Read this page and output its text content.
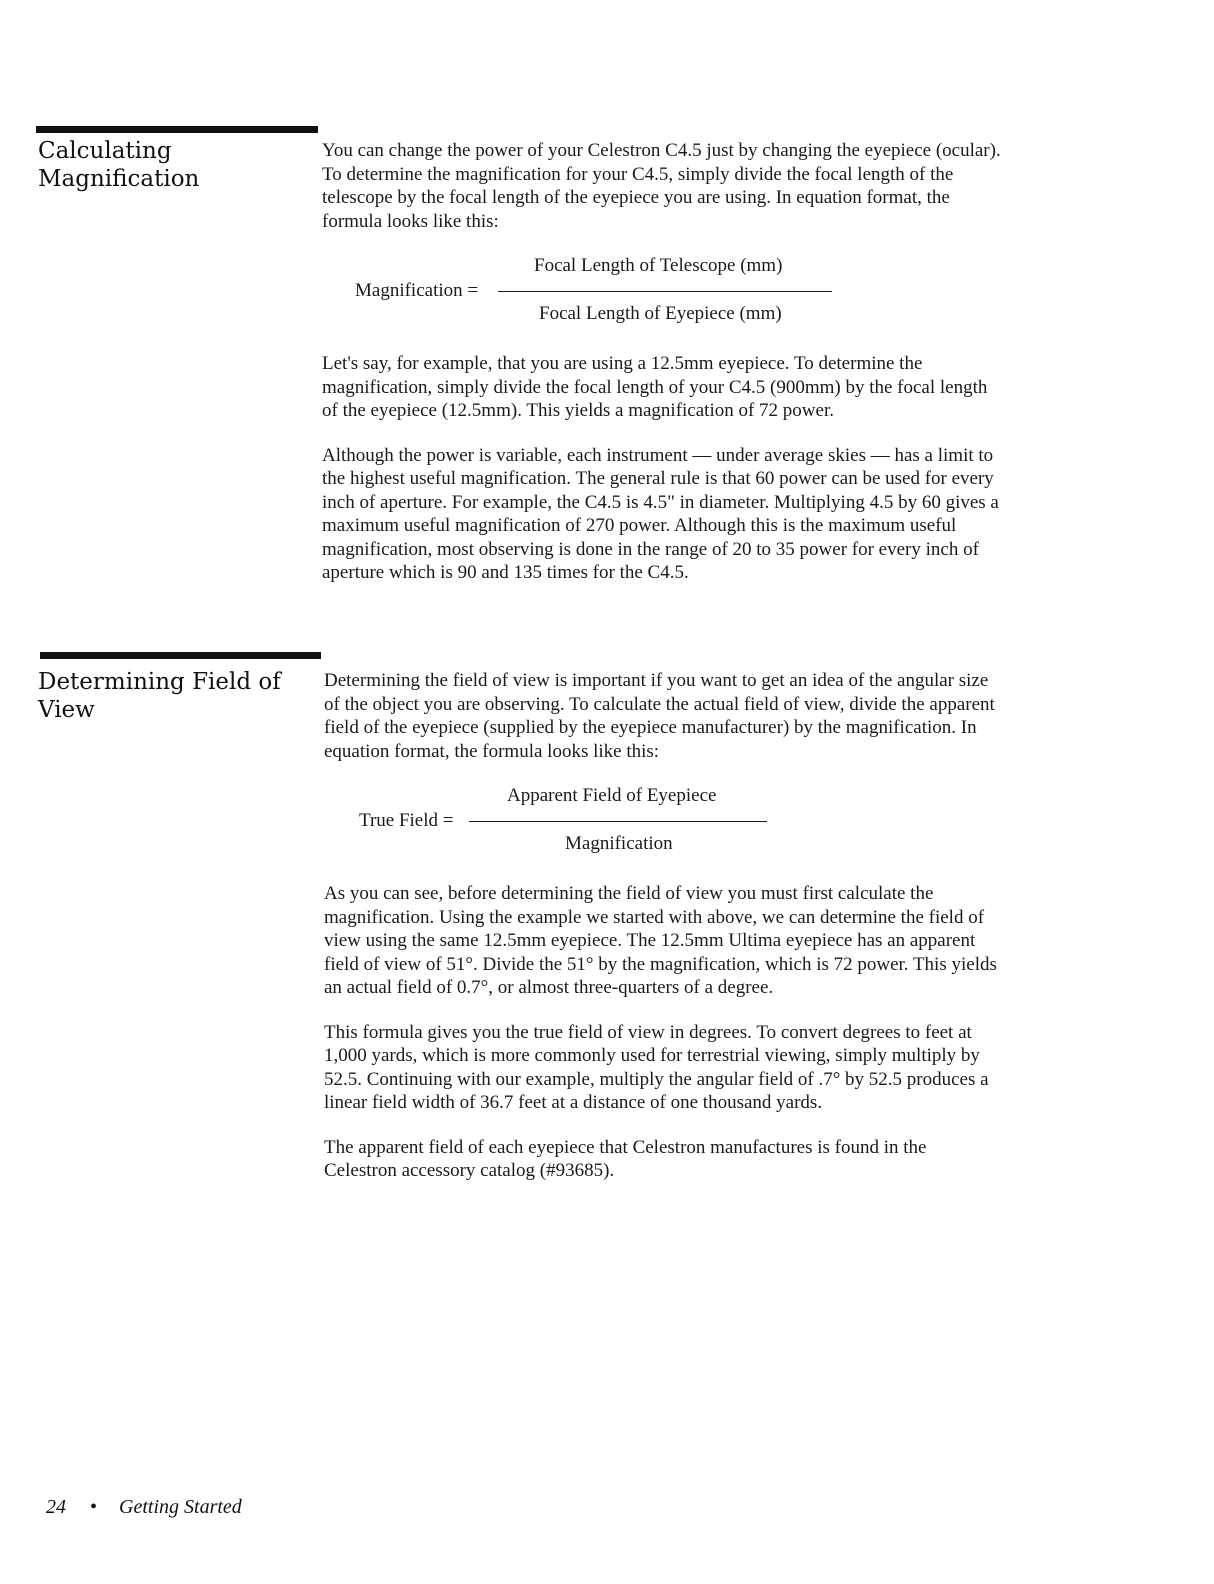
Calculating Magnification

You can change the power of your Celestron C4.5 just by changing the eyepiece (ocular). To determine the magnification for your C4.5, simply divide the focal length of the telescope by the focal length of the eyepiece you are using. In equation format, the formula looks like this:

Magnification =
Focal Length of Telescope (mm)
Focal Length of Eyepiece (mm)

Let's say, for example, that you are using a 12.5mm eyepiece. To determine the magnification, simply divide the focal length of your C4.5 (900mm) by the focal length of the eyepiece (12.5mm). This yields a magnification of 72 power.

Although the power is variable, each instrument — under average skies — has a limit to the highest useful magnification. The general rule is that 60 power can be used for every inch of aperture. For example, the C4.5 is 4.5" in diameter. Multiplying 4.5 by 60 gives a maximum useful magnification of 270 power. Although this is the maximum useful magnification, most observing is done in the range of 20 to 35 power for every inch of aperture which is 90 and 135 times for the C4.5.

Determining Field of View

Determining the field of view is important if you want to get an idea of the angular size of the object you are observing. To calculate the actual field of view, divide the apparent field of the eyepiece (supplied by the eyepiece manufacturer) by the magnification. In equation format, the formula looks like this:

True Field =
Apparent Field of Eyepiece
Magnification

As you can see, before determining the field of view you must first calculate the magnification. Using the example we started with above, we can determine the field of view using the same 12.5mm eyepiece. The 12.5mm Ultima eyepiece has an apparent field of view of 51°. Divide the 51° by the magnification, which is 72 power. This yields an actual field of 0.7°, or almost three-quarters of a degree.

This formula gives you the true field of view in degrees. To convert degrees to feet at 1,000 yards, which is more commonly used for terrestrial viewing, simply multiply by 52.5. Continuing with our example, multiply the angular field of .7° by 52.5 produces a linear field width of 36.7 feet at a distance of one thousand yards.

The apparent field of each eyepiece that Celestron manufactures is found in the Celestron accessory catalog (#93685).

24 • Getting Started
